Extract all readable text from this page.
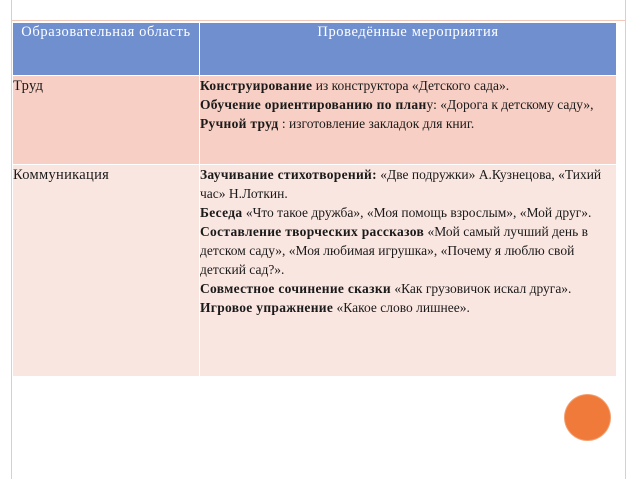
Образовательная область	Проведённые мероприятия
Труд	Конструирование из конструктора «Детского сада».
Обучение ориентированию по плану: «Дорога к детскому саду»,
Ручной труд : изготовление закладок для книг.

Коммуникация	Заучивание стихотворений: «Две подружки» А.Кузнецова, «Тихий час» Н.Лоткин.
Беседа «Что такое дружба», «Моя помощь взрослым», «Мой друг».
Составление творческих рассказов «Мой самый лучший день в детском саду», «Моя любимая игрушка», «Почему я люблю свой детский сад?».
Совместное сочинение сказки «Как грузовичок искал друга».
Игровое упражнение «Какое слово лишнее».
